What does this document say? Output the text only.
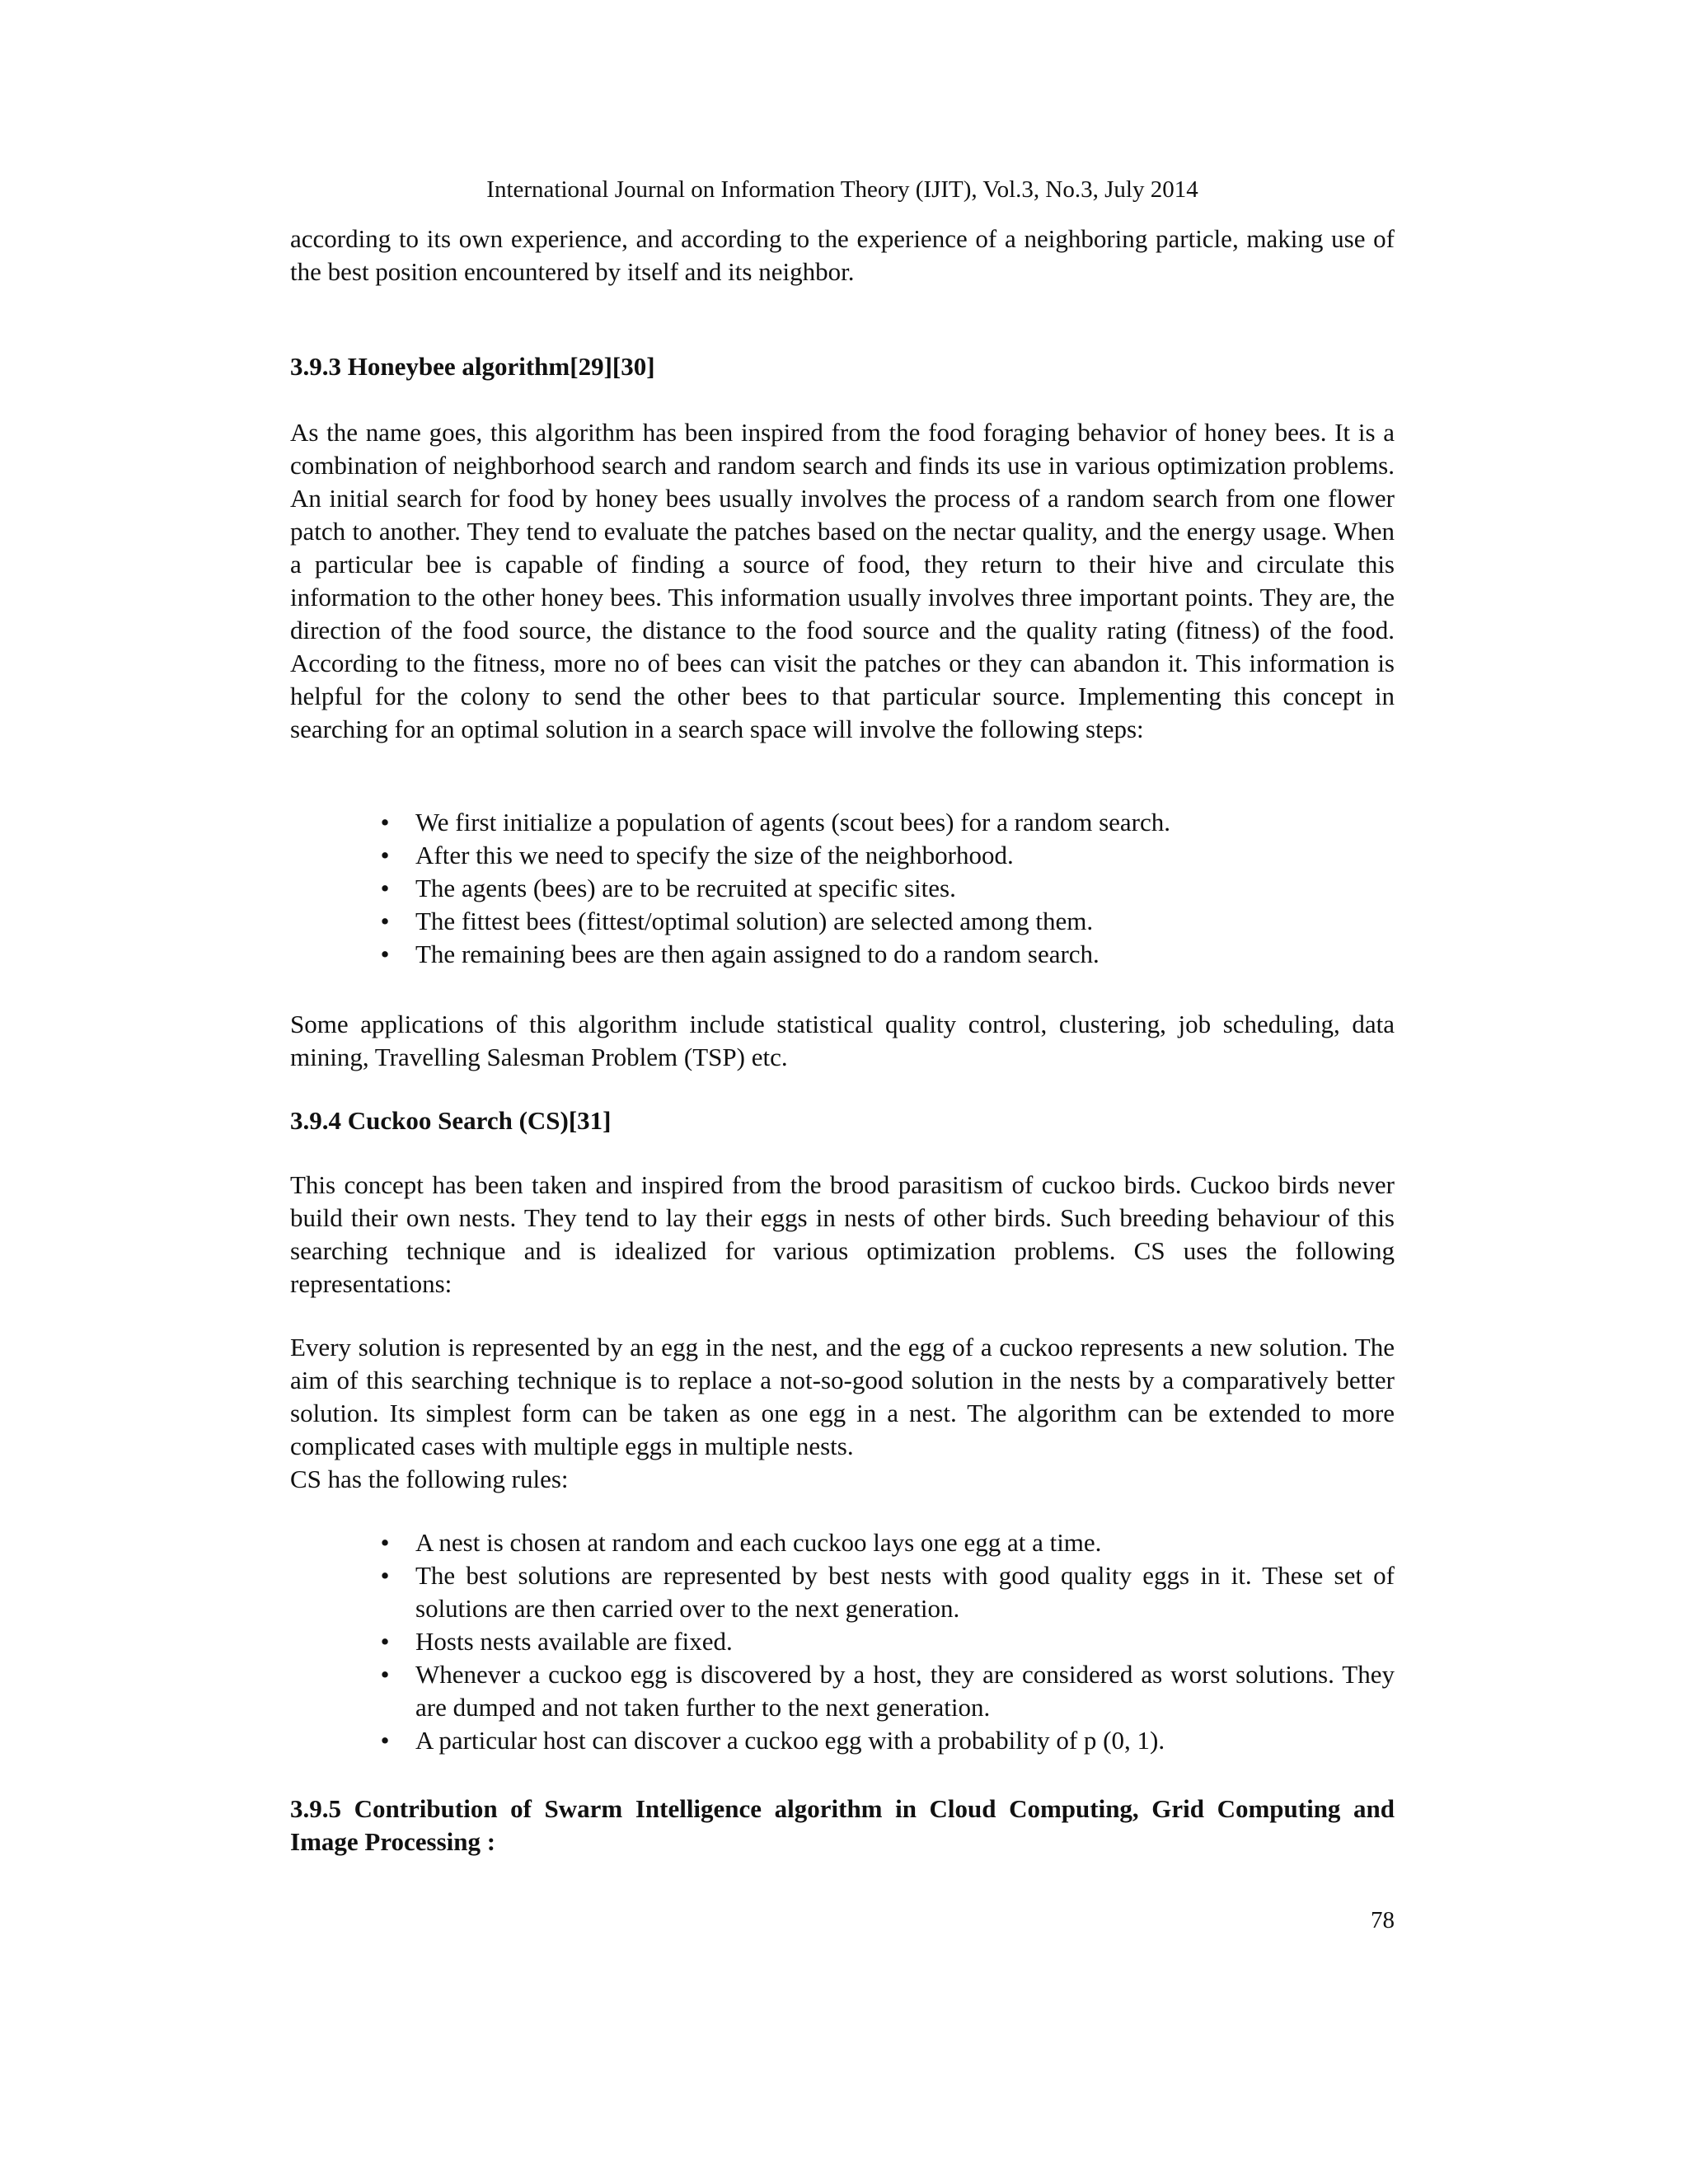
International Journal on Information Theory (IJIT), Vol.3, No.3, July 2014

according to its own experience, and according to the experience of a neighboring particle, making use of the best position encountered by itself and its neighbor.

3.9.3 Honeybee algorithm[29][30]

As the name goes, this algorithm has been inspired from the food foraging behavior of honey bees. It is a combination of neighborhood search and random search and finds its use in various optimization problems. An initial search for food by honey bees usually involves the process of a random search from one flower patch to another. They tend to evaluate the patches based on the nectar quality, and the energy usage. When a particular bee is capable of finding a source of food, they return to their hive and circulate this information to the other honey bees. This information usually involves three important points. They are, the direction of the food source, the distance to the food source and the quality rating (fitness) of the food. According to the fitness, more no of bees can visit the patches or they can abandon it. This information is helpful for the colony to send the other bees to that particular source. Implementing this concept in searching for an optimal solution in a search space will involve the following steps:

• We first initialize a population of agents (scout bees) for a random search.
• After this we need to specify the size of the neighborhood.
• The agents (bees) are to be recruited at specific sites.
• The fittest bees (fittest/optimal solution) are selected among them.
• The remaining bees are then again assigned to do a random search.

Some applications of this algorithm include statistical quality control, clustering, job scheduling, data mining, Travelling Salesman Problem (TSP) etc.

3.9.4 Cuckoo Search (CS)[31]

This concept has been taken and inspired from the brood parasitism of cuckoo birds. Cuckoo birds never build their own nests. They tend to lay their eggs in nests of other birds. Such breeding behaviour of this searching technique and is idealized for various optimization problems. CS uses the following representations:

Every solution is represented by an egg in the nest, and the egg of a cuckoo represents a new solution. The aim of this searching technique is to replace a not-so-good solution in the nests by a comparatively better solution. Its simplest form can be taken as one egg in a nest. The algorithm can be extended to more complicated cases with multiple eggs in multiple nests.

CS has the following rules:

• A nest is chosen at random and each cuckoo lays one egg at a time.
• The best solutions are represented by best nests with good quality eggs in it. These set of solutions are then carried over to the next generation.
• Hosts nests available are fixed.
• Whenever a cuckoo egg is discovered by a host, they are considered as worst solutions. They are dumped and not taken further to the next generation.
• A particular host can discover a cuckoo egg with a probability of p (0, 1).
3.9.5 Contribution of Swarm Intelligence algorithm in Cloud Computing, Grid Computing and Image Processing :
78
